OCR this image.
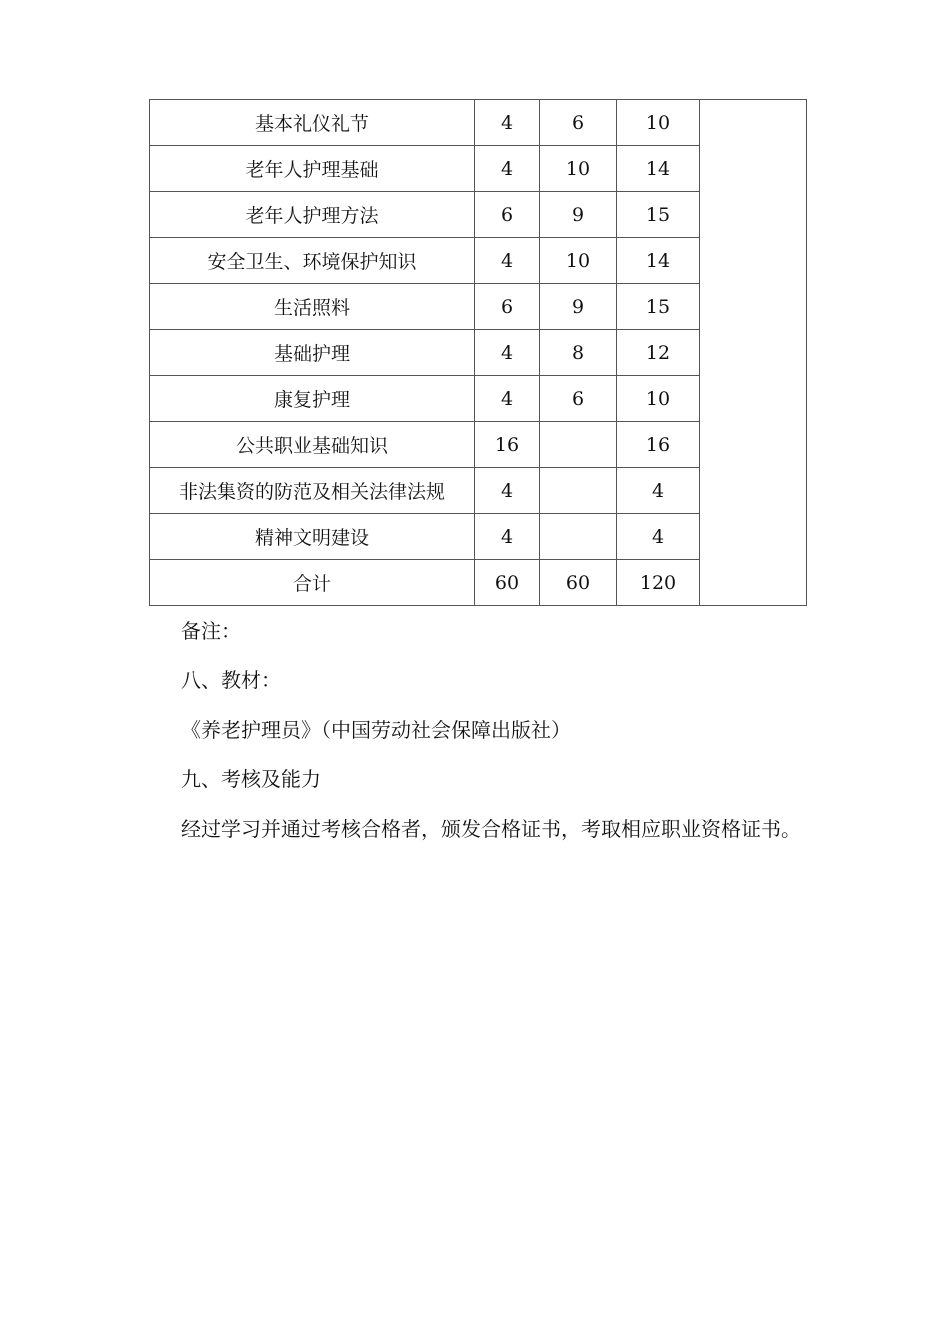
基本礼仪礼节	4	6	10	
老年人护理基础	4	10	14	
老年人护理方法	6	9	15	
安全卫生、环境保护知识	4	10	14	
生活照料	6	9	15	
基础护理	4	8	12	
康复护理	4	6	10	
公共职业基础知识	16		16	
非法集资的防范及相关法律法规	4		4	
精神文明建设	4		4	
合计	60	60	120	
备注：
八、教材：
《养老护理员》（中国劳动社会保障出版社）
九、考核及能力
经过学习并通过考核合格者，颁发合格证书，考取相应职业资格证书。
